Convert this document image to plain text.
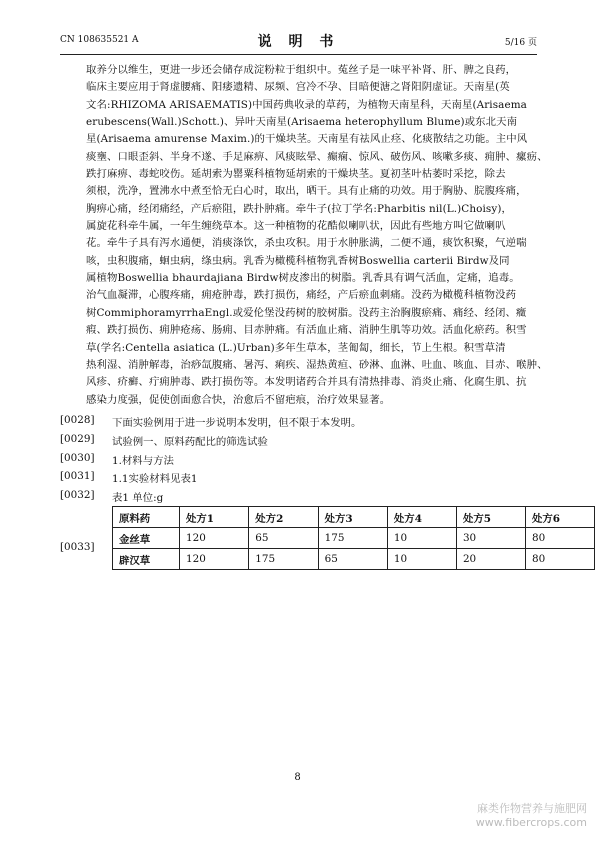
CN 108635521 A	说 明 书	5/16 页
取养分以维生，更进一步还会储存成淀粉粒于组织中。菟丝子是一味平补肾、肝、脾之良药，
临床主要应用于肾虚腰痛、阳痿遗精、尿频、宫冷不孕、目暗便溏之肾阳阴虚证。天南星(英
文名:RHIZOMA ARISAEMATIS)中国药典收录的草药，为植物天南星科，天南星(Arisaema
erubescens(Wall.)Schott.)、异叶天南星(Arisaema heterophyllum Blume)或东北天南
星(Arisaema amurense Maxim.)的干燥块茎。天南星有祛风止痉、化痰散结之功能。主中风
痰壅、口眼歪斜、半身不遂、手足麻痹、风痰眩晕、癫痫、惊风、破伤风、咳嗽多痰、痈肿、瘰疬、
跌打麻痹、毒蛇咬伤。延胡索为罂粟科植物延胡索的干燥块茎。夏初茎叶枯萎时采挖，除去
须根，洗净，置沸水中煮至恰无白心时，取出，晒干。具有止痛的功效。用于胸胁、脘腹疼痛，
胸痹心痛，经闭痛经，产后瘀阻，跌扑肿痛。牵牛子(拉丁学名:Pharbitis nil(L.)Choisy)，
属旋花科牵牛属，一年生缠绕草本。这一种植物的花酷似喇叭状，因此有些地方叫它做喇叭
花。牵牛子具有泻水通便，消痰涤饮，杀虫攻积。用于水肿胀满，二便不通，痰饮积聚，气逆喘
咳，虫积腹痛，蛔虫病，绦虫病。乳香为橄榄科植物乳香树Boswellia carterii Birdw及同
属植物Boswellia bhaurdajiana Birdw树皮渗出的树脂。乳香具有调气活血，定痛，追毒。
治气血凝滞，心腹疼痛，痈疮肿毒，跌打损伤，痛经，产后瘀血刺痛。没药为橄榄科植物没药
树CommiphoramyrrhaEngl.或爱伦堡没药树的胶树脂。没药主治胸腹瘀痛、痛经、经闭、癥
瘕、跌打损伤、痈肿疮疡、肠痈、目赤肿痛。有活血止痛、消肿生肌等功效。活血化瘀药。积雪
草(学名:Centella asiatica (L.)Urban)多年生草本，茎匍匐，细长，节上生根。积雪草清
热利湿、消肿解毒，治痧氙腹痛、暑泻、痢疾、湿热黄疸、砂淋、血淋、吐血、咳血、目赤、喉肿、
风疹、疥癣、疔痈肿毒、跌打损伤等。本发明诸药合并具有清热排毒、消炎止痛、化腐生肌、抗
感染力度强，促使创面愈合快，治愈后不留疤痕，治疗效果显著。
[0028] 下面实验例用于进一步说明本发明，但不限于本发明。
[0029] 试验例一、原料药配比的筛选试验
[0030] 1.材料与方法
[0031] 1.1实验材料见表1
[0032] 表1 单位:g
[0033]
原料药	处方1	处方2	处方3	处方4	处方5	处方6
金丝草	120	65	175	10	30	80
辟汉草	120	175	65	10	20	80
8
麻类作物营养与施肥网
www.fibercrops.com
